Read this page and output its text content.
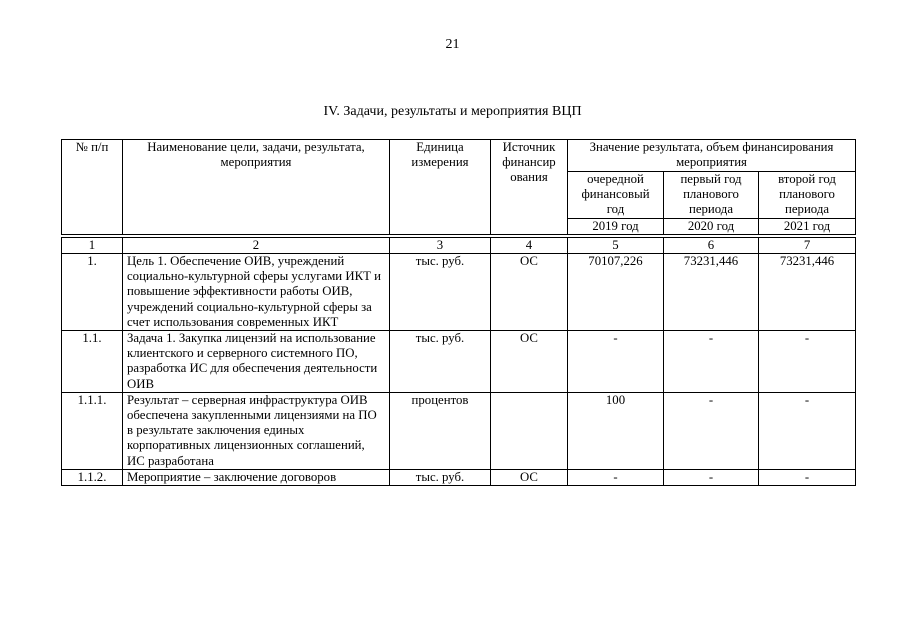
21
IV. Задачи, результаты и мероприятия ВЦП
№ п/п	Наименование цели, задачи, результата, мероприятия	Единица измерения	Источник финансир ования	Значение результата, объем финансирования мероприятия		
				очередной финансовый год	первый год планового периода	второй год планового периода
				2019 год	2020 год	2021 год

1	2	3	4	5	6	7
1.	Цель 1. Обеспечение ОИВ, учреждений социально-культурной сферы услугами ИКТ и повышение эффективности работы ОИВ, учреждений социально-культурной сферы за счет использования современных ИКТ	тыс. руб.	ОС	70107,226	73231,446	73231,446
1.1.	Задача 1. Закупка лицензий на использование клиентского и серверного системного ПО, разработка ИС для обеспечения деятельности ОИВ	тыс. руб.	ОС	-	-	-
1.1.1.	Результат – серверная инфраструктура ОИВ обеспечена закупленными лицензиями на ПО в результате заключения единых корпоративных лицензионных соглашений, ИС разработана	процентов		100	-	-
1.1.2.	Мероприятие – заключение договоров	тыс. руб.	ОС	-	-	-
